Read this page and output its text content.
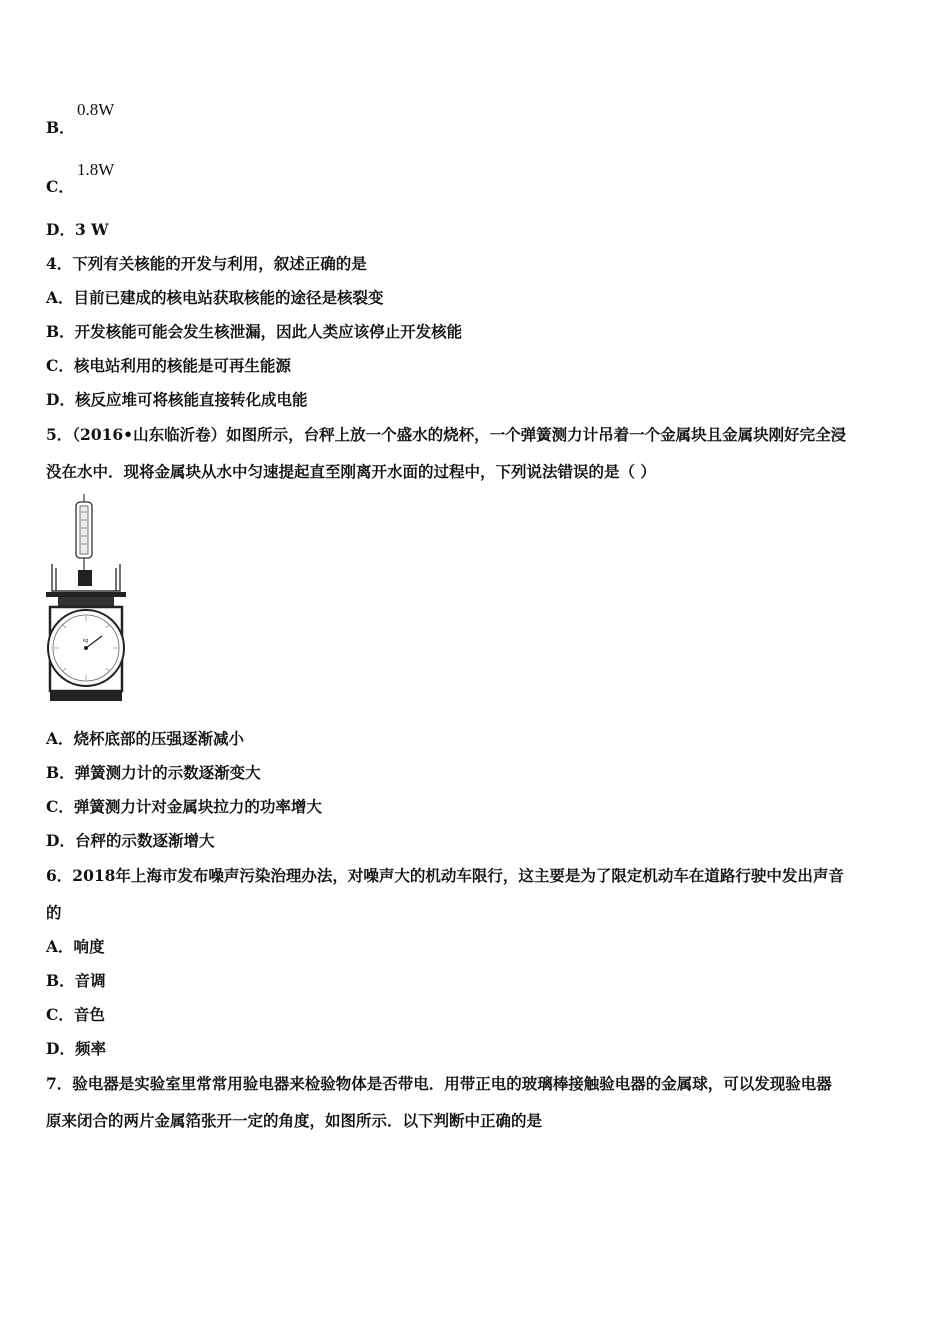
B．
0.8W
C．
1.8W
D．3 W
4．下列有关核能的开发与利用，叙述正确的是
A．目前已建成的核电站获取核能的途径是核裂变
B．开发核能可能会发生核泄漏，因此人类应该停止开发核能
C．核电站利用的核能是可再生能源
D．核反应堆可将核能直接转化成电能
5．（2016•山东临沂卷）如图所示，台秤上放一个盛水的烧杯，一个弹簧测力计吊着一个金属块且金属块刚好完全浸
没在水中．现将金属块从水中匀速提起直至刚离开水面的过程中，下列说法错误的是（ ）
kg
A．烧杯底部的压强逐渐减小
B．弹簧测力计的示数逐渐变大
C．弹簧测力计对金属块拉力的功率增大
D．台秤的示数逐渐增大
6．2018年上海市发布噪声污染治理办法，对噪声大的机动车限行，这主要是为了限定机动车在道路行驶中发出声音
的
A．响度
B．音调
C．音色
D．频率
7．验电器是实验室里常常用验电器来检验物体是否带电．用带正电的玻璃棒接触验电器的金属球，可以发现验电器
原来闭合的两片金属箔张开一定的角度，如图所示．以下判断中正确的是
